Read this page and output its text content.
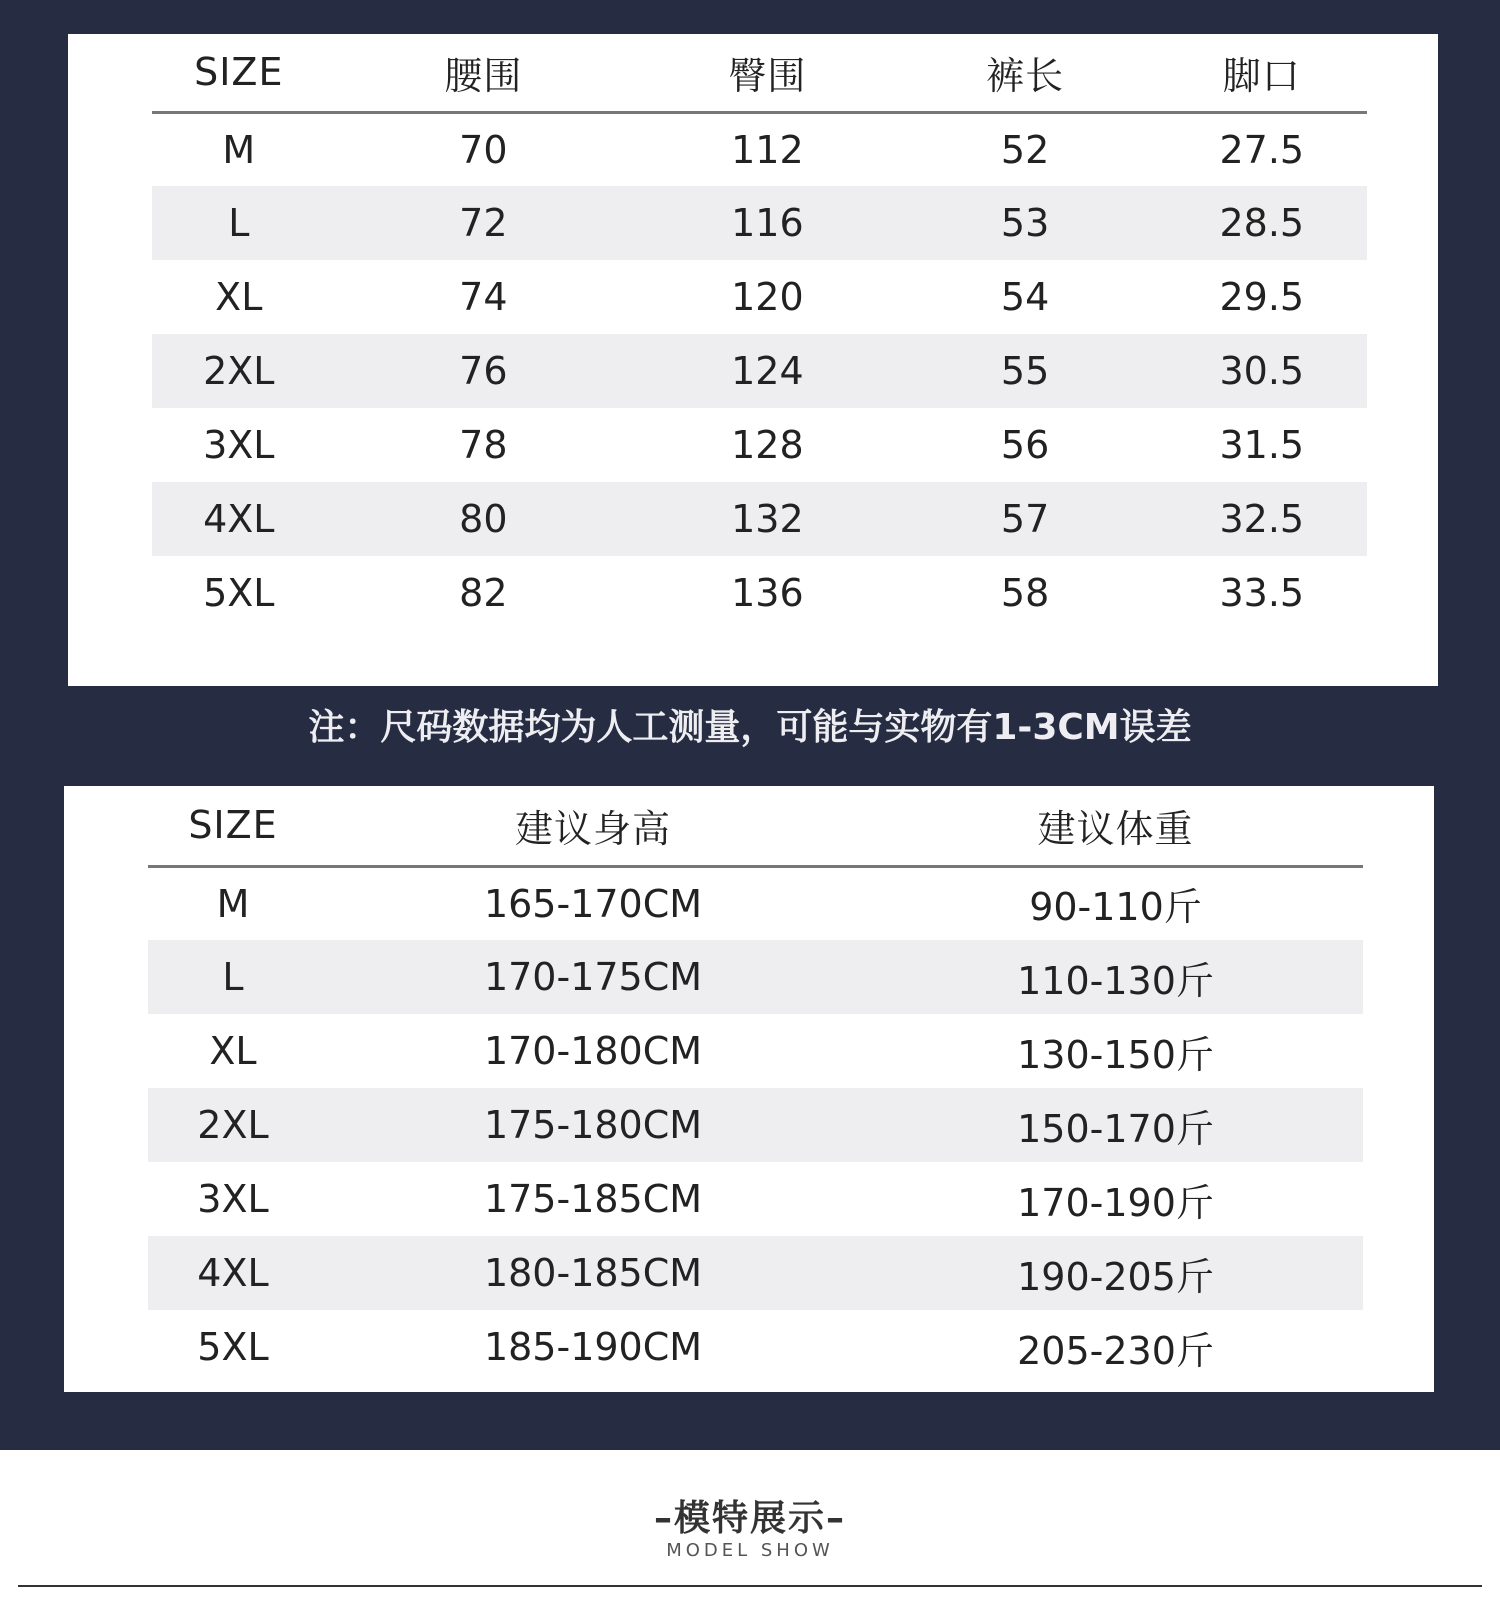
SIZE	腰围	臀围	裤长	脚口
M	70	112	52	27.5
L	72	116	53	28.5
XL	74	120	54	29.5
2XL	76	124	55	30.5
3XL	78	128	56	31.5
4XL	80	132	57	32.5
5XL	82	136	58	33.5
注：尺码数据均为人工测量，可能与实物有1-3CM误差
SIZE	建议身高	建议体重
M	165-170CM	90-110斤
L	170-175CM	110-130斤
XL	170-180CM	130-150斤
2XL	175-180CM	150-170斤
3XL	175-185CM	170-190斤
4XL	180-185CM	190-205斤
5XL	185-190CM	205-230斤
–模特展示–
MODEL SHOW
